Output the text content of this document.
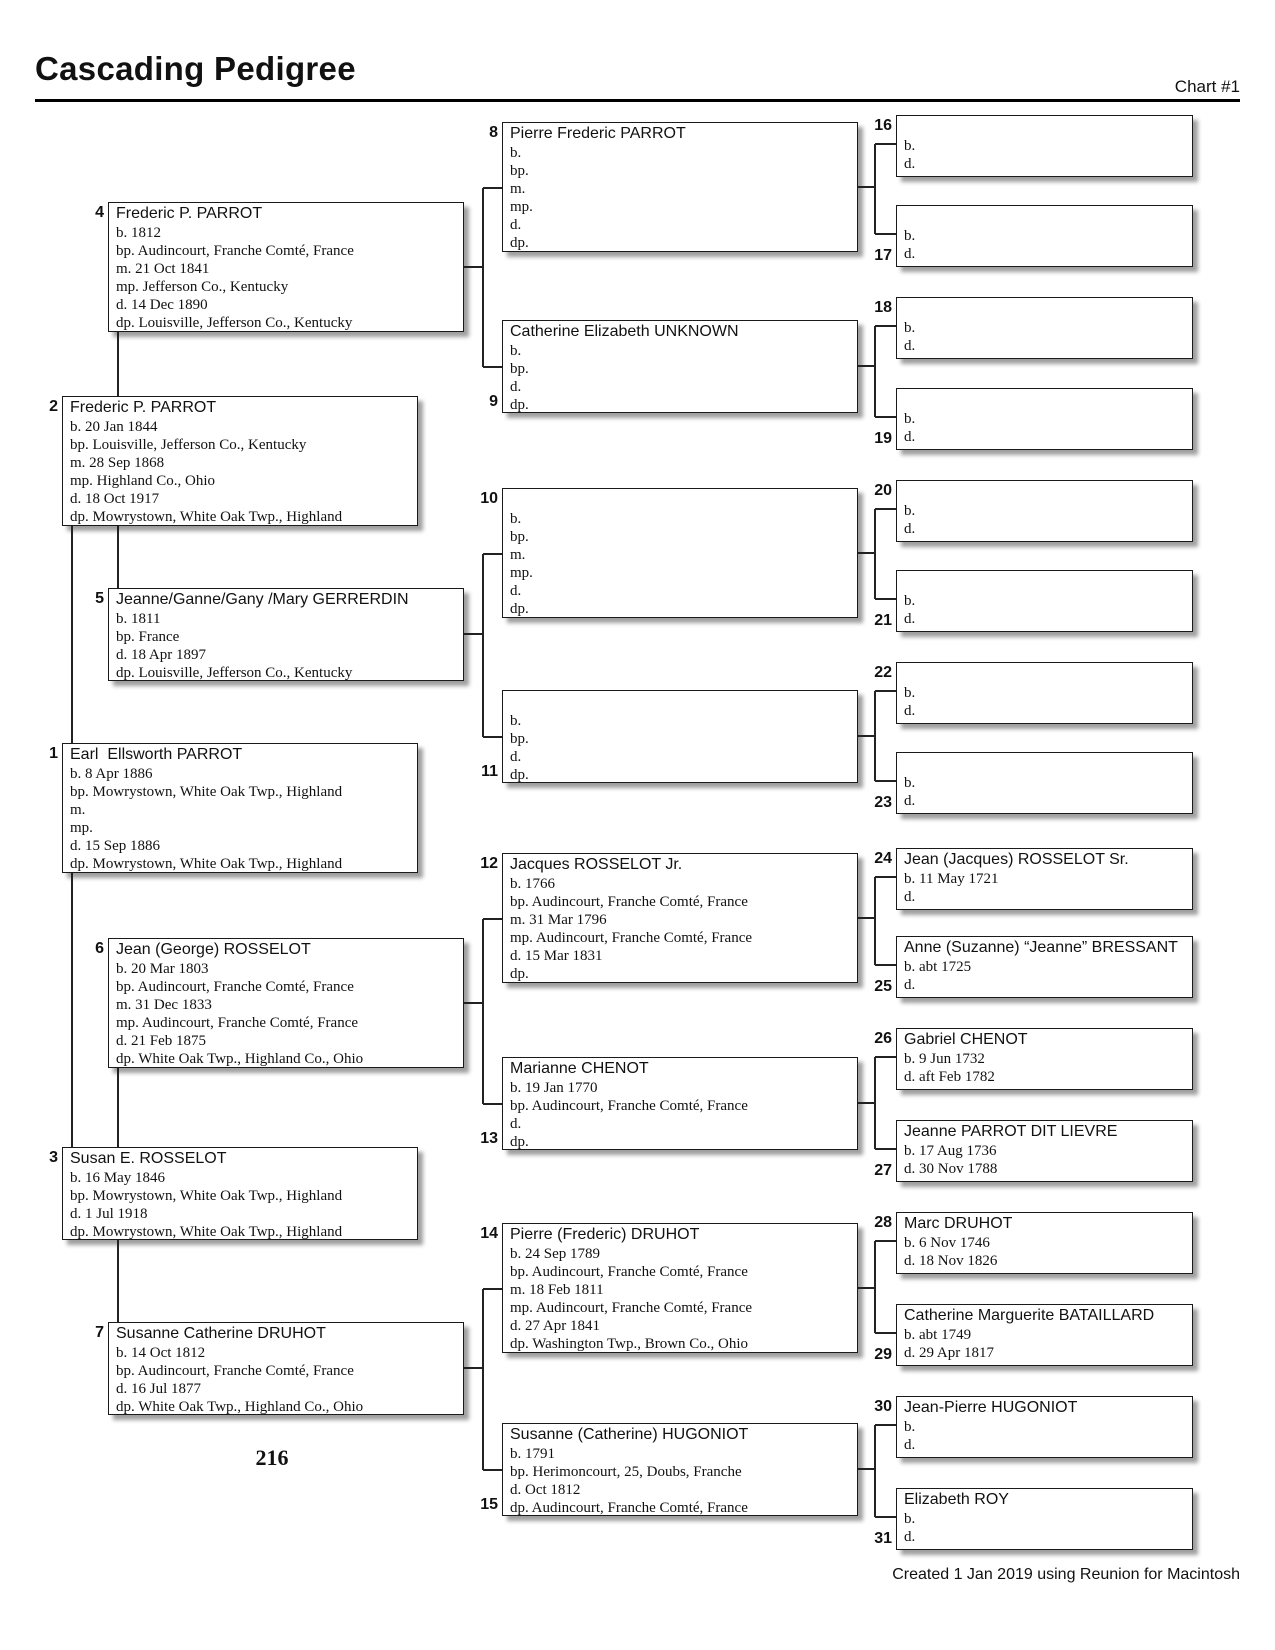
Cascading Pedigree	Chart #1
Earl  Ellsworth PARROT
b. 8 Apr 1886
bp. Mowrystown, White Oak Twp., Highland
m.
mp.
d. 15 Sep 1886
dp. Mowrystown, White Oak Twp., Highland
1
Frederic P. PARROT
b. 20 Jan 1844
bp. Louisville, Jefferson Co., Kentucky
m. 28 Sep 1868
mp. Highland Co., Ohio
d. 18 Oct 1917
dp. Mowrystown, White Oak Twp., Highland
2
Susan E. ROSSELOT
b. 16 May 1846
bp. Mowrystown, White Oak Twp., Highland
d. 1 Jul 1918
dp. Mowrystown, White Oak Twp., Highland
3
Frederic P. PARROT
b. 1812
bp. Audincourt, Franche Comté, France
m. 21 Oct 1841
mp. Jefferson Co., Kentucky
d. 14 Dec 1890
dp. Louisville, Jefferson Co., Kentucky
4
Jeanne/Ganne/Gany /Mary GERRERDIN
b. 1811
bp. France
d. 18 Apr 1897
dp. Louisville, Jefferson Co., Kentucky
5
Jean (George) ROSSELOT
b. 20 Mar 1803
bp. Audincourt, Franche Comté, France
m. 31 Dec 1833
mp. Audincourt, Franche Comté, France
d. 21 Feb 1875
dp. White Oak Twp., Highland Co., Ohio
6
Susanne Catherine DRUHOT
b. 14 Oct 1812
bp. Audincourt, Franche Comté, France
d. 16 Jul 1877
dp. White Oak Twp., Highland Co., Ohio
7
Pierre Frederic PARROT
b.
bp.
m.
mp.
d.
dp.
8
Catherine Elizabeth UNKNOWN
b.
bp.
d.
dp.
9
b.
bp.
m.
mp.
d.
dp.
10
b.
bp.
d.
dp.
11
Jacques ROSSELOT Jr.
b. 1766
bp. Audincourt, Franche Comté, France
m. 31 Mar 1796
mp. Audincourt, Franche Comté, France
d. 15 Mar 1831
dp.
12
Marianne CHENOT
b. 19 Jan 1770
bp. Audincourt, Franche Comté, France
d.
dp.
13
Pierre (Frederic) DRUHOT
b. 24 Sep 1789
bp. Audincourt, Franche Comté, France
m. 18 Feb 1811
mp. Audincourt, Franche Comté, France
d. 27 Apr 1841
dp. Washington Twp., Brown Co., Ohio
14
Susanne (Catherine) HUGONIOT
b. 1791
bp. Herimoncourt, 25, Doubs, Franche
d. Oct 1812
dp. Audincourt, Franche Comté, France
15
b.
d.
16
b.
d.
17
b.
d.
18
b.
d.
19
b.
d.
20
b.
d.
21
b.
d.
22
b.
d.
23
Jean (Jacques) ROSSELOT Sr.
b. 11 May 1721
d.
24
Anne (Suzanne) “Jeanne” BRESSANT
b. abt 1725
d.
25
Gabriel CHENOT
b. 9 Jun 1732
d. aft Feb 1782
26
Jeanne PARROT DIT LIEVRE
b. 17 Aug 1736
d. 30 Nov 1788
27
Marc DRUHOT
b. 6 Nov 1746
d. 18 Nov 1826
28
Catherine Marguerite BATAILLARD
b. abt 1749
d. 29 Apr 1817
29
Jean-Pierre HUGONIOT
b.
d.
30
Elizabeth ROY
b.
d.
31
216
Created 1 Jan 2019 using Reunion for Macintosh
